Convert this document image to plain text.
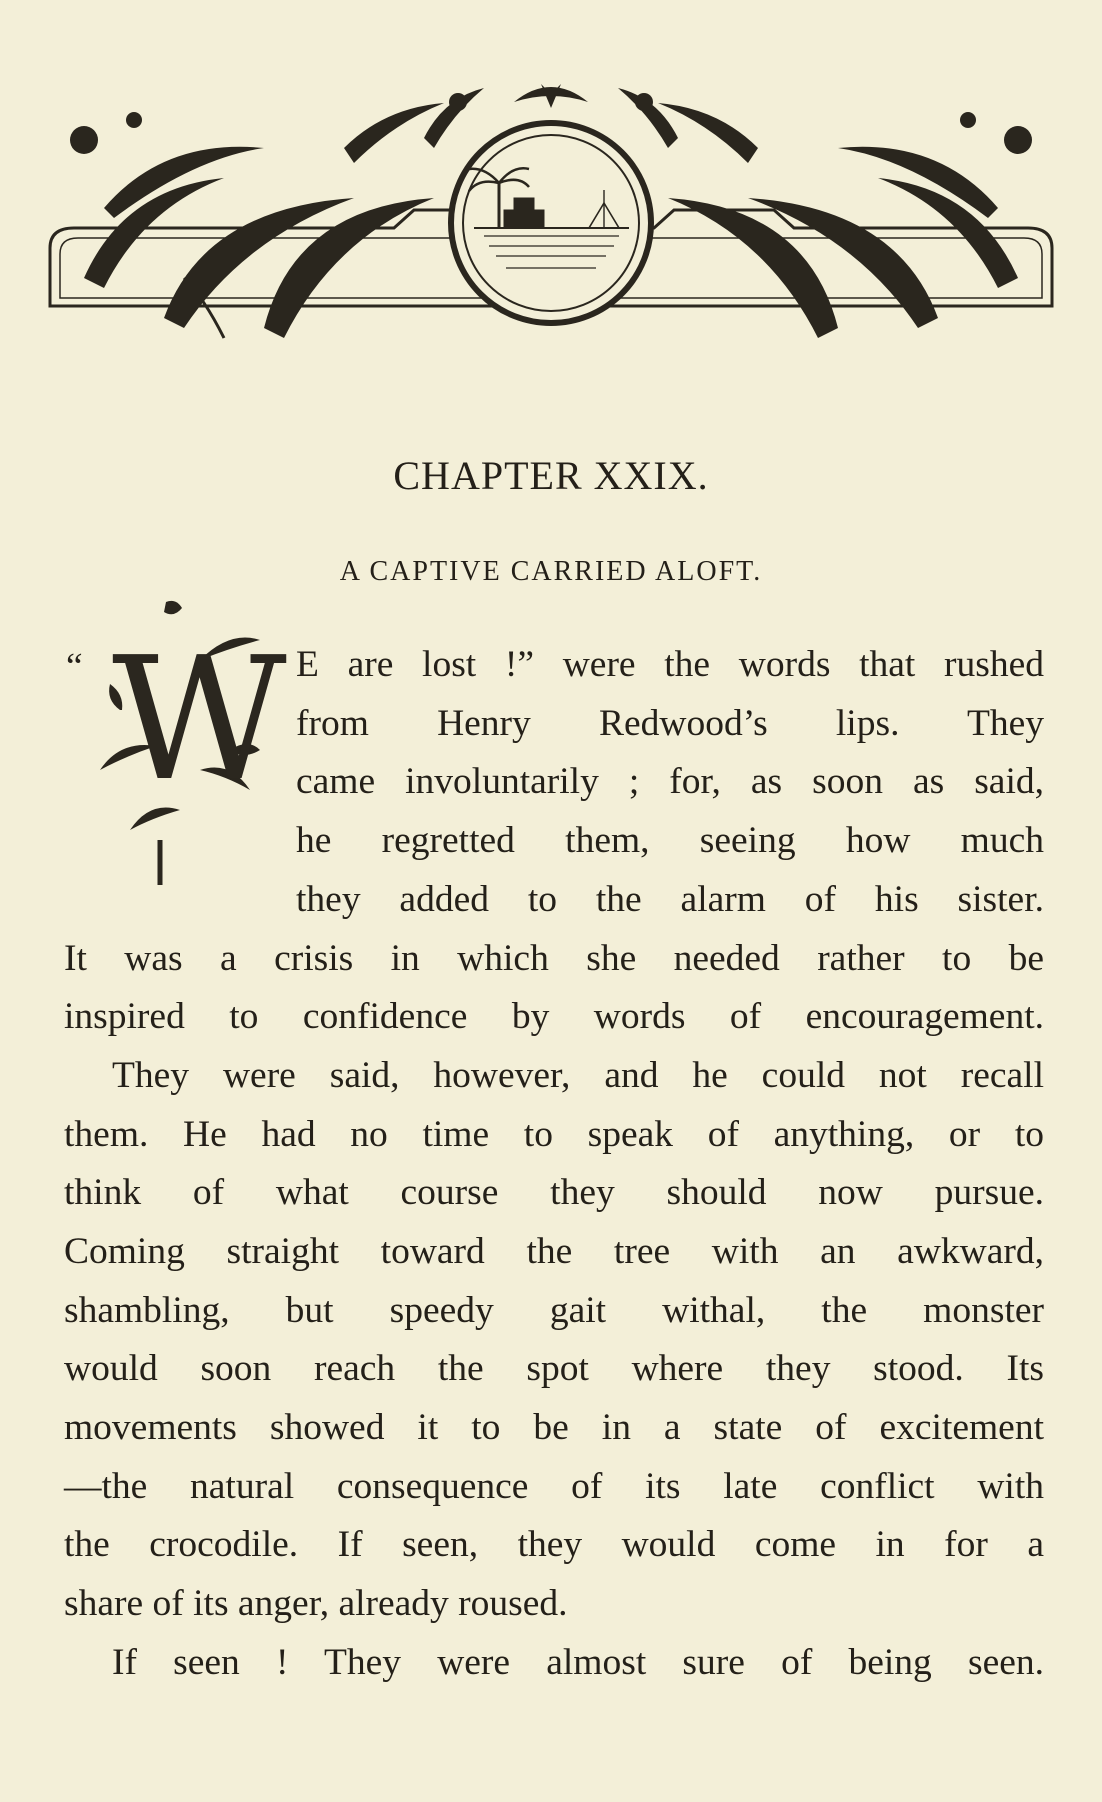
CHAPTER XXIX.
A CAPTIVE CARRIED ALOFT.
“ W E are lost !” were the words that rushed
from Henry Redwood’s lips. They
came involuntarily ; for, as soon as said,
he regretted them, seeing how much
they added to the alarm of his sister.
It was a crisis in which she needed rather to be
inspired to confidence by words of encouragement.
They were said, however, and he could not recall
them. He had no time to speak of anything, or to
think of what course they should now pursue.
Coming straight toward the tree with an awkward,
shambling, but speedy gait withal, the monster
would soon reach the spot where they stood. Its
movements showed it to be in a state of excitement
—the natural consequence of its late conflict with
the crocodile. If seen, they would come in for a
share of its anger, already roused.
If seen ! They were almost sure of being seen.
